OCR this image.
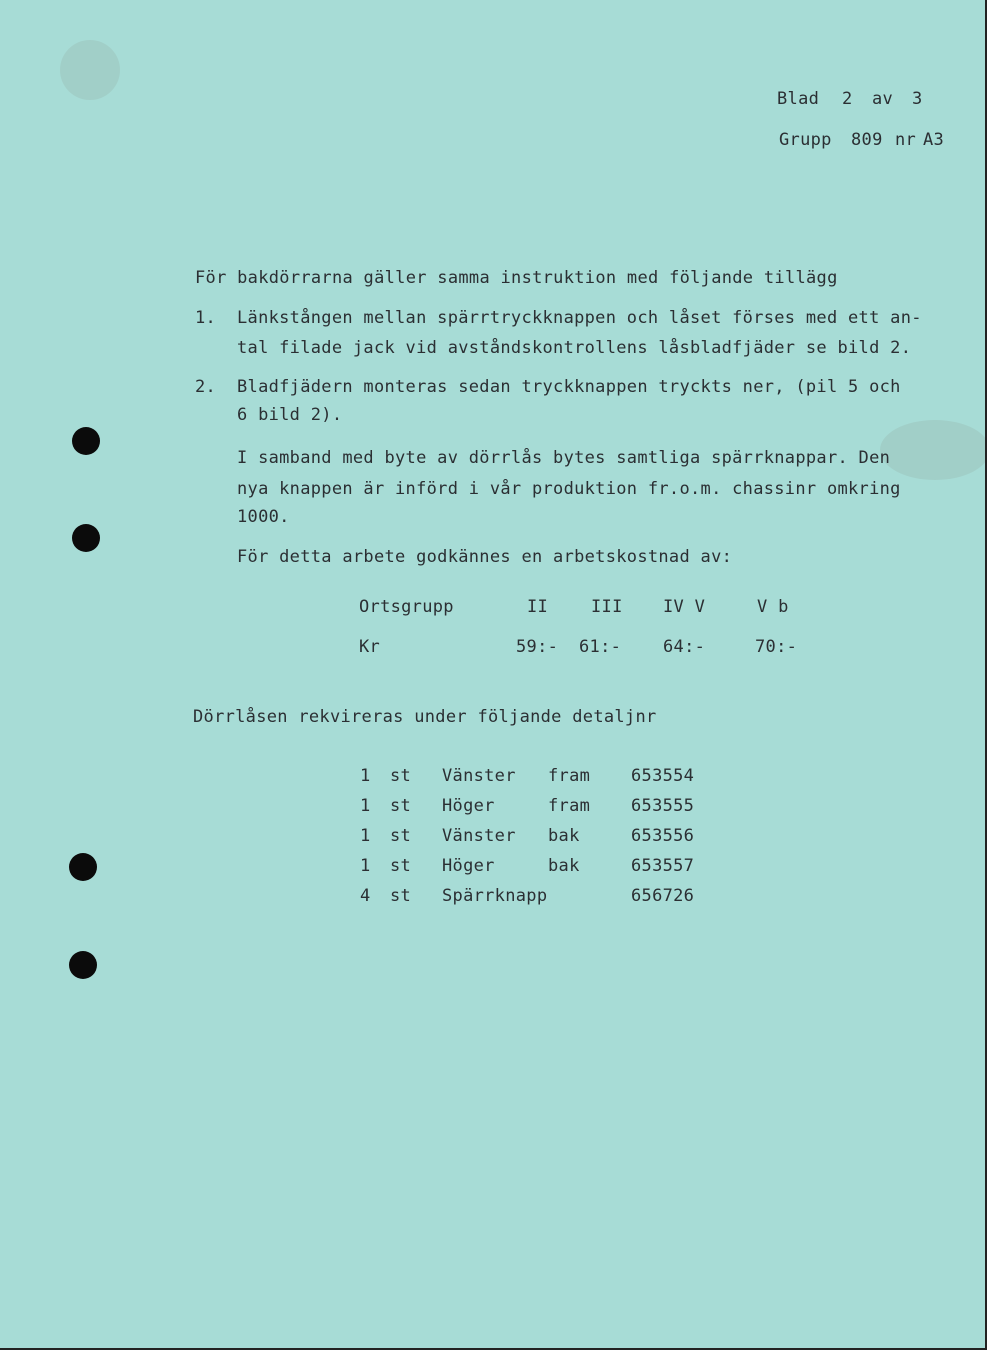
Blad 2 av 3
Grupp 809 nr A3
För bakdörrarna gäller samma instruktion med följande tillägg
1. Länkstången mellan spärrtryckknappen och låset förses med ett an-
tal filade jack vid avståndskontrollens låsbladfjäder se bild 2.
2. Bladfjädern monteras sedan tryckknappen tryckts ner, (pil 5 och
6 bild 2).
I samband med byte av dörrlås bytes samtliga spärrknappar. Den
nya knappen är införd i vår produktion fr.o.m. chassinr omkring
1000.
För detta arbete godkännes en arbetskostnad av:
Ortsgrupp	II	III IV V	V b
Kr	59:- 61:- 64:-	70:-
Dörrlåsen rekvireras under följande detaljnr
1 st Vänster fram 653554
1 st Höger	fram 653555
1 st Vänster bak	653556
1 st Höger	bak	653557
4 st Spärrknapp	656726
